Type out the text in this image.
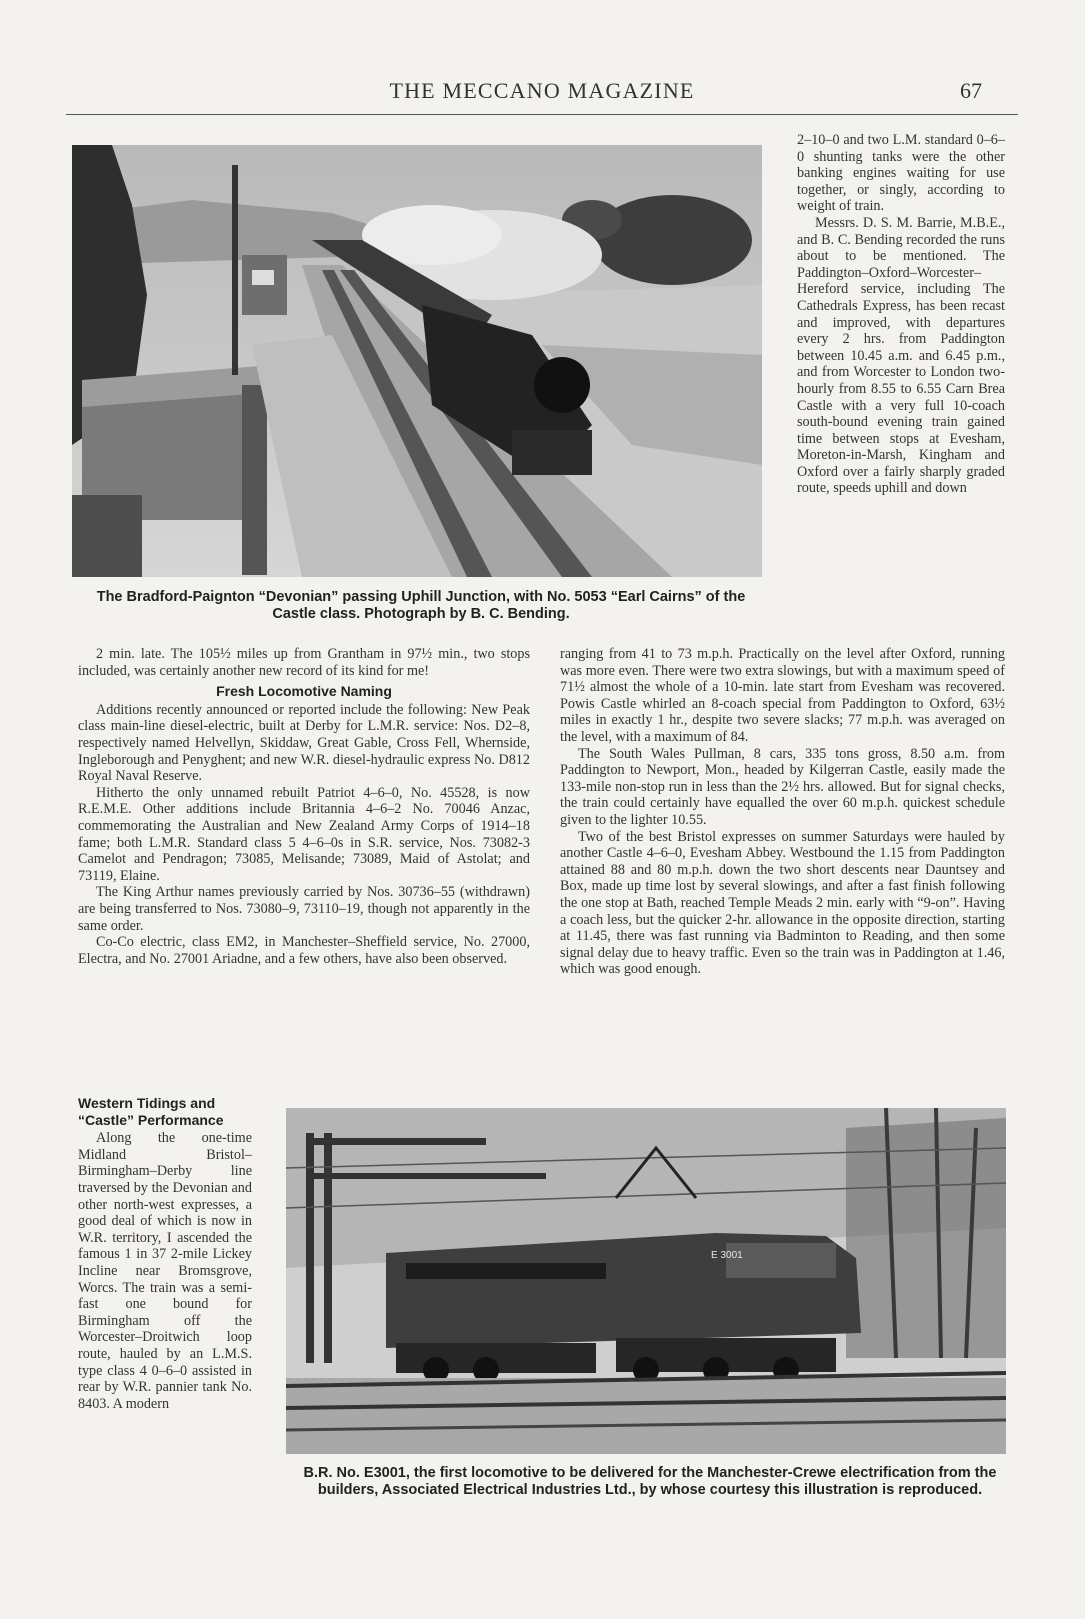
THE MECCANO MAGAZINE	67
The Bradford-Paignton “Devonian” passing Uphill Junction, with No. 5053 “Earl Cairns” of the Castle class. Photograph by B. C. Bending.

2–10–0 and two L.M. standard 0–6–0 shunting tanks were the other banking engines waiting for use together, or singly, according to weight of train.

Messrs. D. S. M. Barrie, M.B.E., and B. C. Bending recorded the runs about to be mentioned. The Paddington–Oxford–Worcester–Hereford service, including The Cathedrals Express, has been recast and improved, with departures every 2 hrs. from Paddington between 10.45 a.m. and 6.45 p.m., and from Worcester to London two-hourly from 8.55 to 6.55 Carn Brea Castle with a very full 10-coach south-bound evening train gained time between stops at Evesham, Moreton-in-Marsh, Kingham and Oxford over a fairly sharply graded route, speeds uphill and down

2 min. late. The 105½ miles up from Grantham in 97½ min., two stops included, was certainly another new record of its kind for me!

Fresh Locomotive Naming

Additions recently announced or reported include the following: New Peak class main-line diesel-electric, built at Derby for L.M.R. service: Nos. D2–8, respectively named Helvellyn, Skiddaw, Great Gable, Cross Fell, Whernside, Ingleborough and Penyghent; and new W.R. diesel-hydraulic express No. D812 Royal Naval Reserve.

Hitherto the only unnamed rebuilt Patriot 4–6–0, No. 45528, is now R.E.M.E. Other additions include Britannia 4–6–2 No. 70046 Anzac, commemorating the Australian and New Zealand Army Corps of 1914–18 fame; both L.M.R. Standard class 5 4–6–0s in S.R. service, Nos. 73082-3 Camelot and Pendragon; 73085, Melisande; 73089, Maid of Astolat; and 73119, Elaine.

The King Arthur names previously carried by Nos. 30736–55 (withdrawn) are being transferred to Nos. 73080–9, 73110–19, though not apparently in the same order.

Co-Co electric, class EM2, in Manchester–Sheffield service, No. 27000, Electra, and No. 27001 Ariadne, and a few others, have also been observed.

ranging from 41 to 73 m.p.h. Practically on the level after Oxford, running was more even. There were two extra slowings, but with a maximum speed of 71½ almost the whole of a 10-min. late start from Evesham was recovered. Powis Castle whirled an 8-coach special from Paddington to Oxford, 63½ miles in exactly 1 hr., despite two severe slacks; 77 m.p.h. was averaged on the level, with a maximum of 84.

The South Wales Pullman, 8 cars, 335 tons gross, 8.50 a.m. from Paddington to Newport, Mon., headed by Kilgerran Castle, easily made the 133-mile non-stop run in less than the 2½ hrs. allowed. But for signal checks, the train could certainly have equalled the over 60 m.p.h. quickest schedule given to the lighter 10.55.

Two of the best Bristol expresses on summer Saturdays were hauled by another Castle 4–6–0, Evesham Abbey. Westbound the 1.15 from Paddington attained 88 and 80 m.p.h. down the two short descents near Dauntsey and Box, made up time lost by several slowings, and after a fast finish following the one stop at Bath, reached Temple Meads 2 min. early with “9-on”. Having a coach less, but the quicker 2-hr. allowance in the opposite direction, starting at 11.45, there was fast running via Badminton to Reading, and then some signal delay due to heavy traffic. Even so the train was in Paddington at 1.46, which was good enough.

Western Tidings and “Castle” Performance

Along the one-time Midland Bristol–Birmingham–Derby line traversed by the Devonian and other north-west expresses, a good deal of which is now in W.R. territory, I ascended the famous 1 in 37 2-mile Lickey Incline near Bromsgrove, Worcs. The train was a semi-fast one bound for Birmingham off the Worcester–Droitwich loop route, hauled by an L.M.S. type class 4 0–6–0 assisted in rear by W.R. pannier tank No. 8403. A modern

E 3001
B.R. No. E3001, the first locomotive to be delivered for the Manchester-Crewe electrification from the builders, Associated Electrical Industries Ltd., by whose courtesy this illustration is reproduced.
